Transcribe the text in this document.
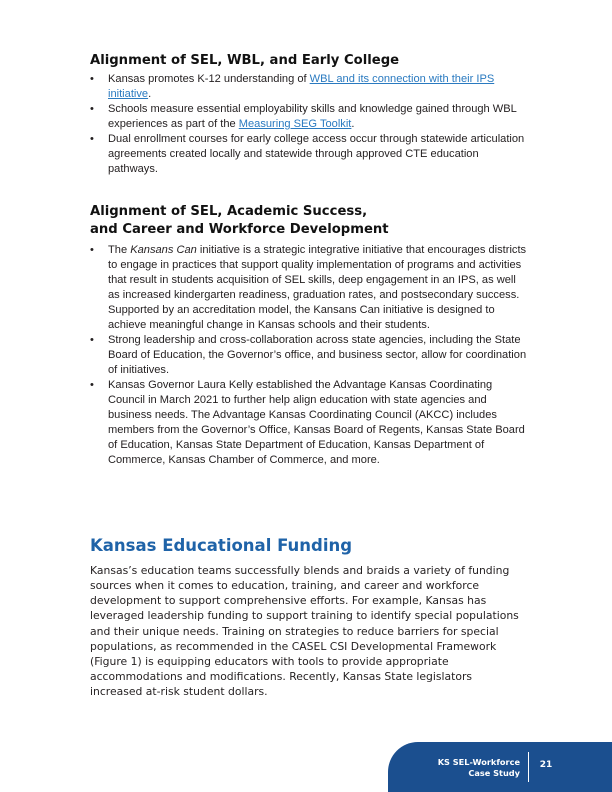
Alignment of SEL, WBL, and Early College
•	Kansas promotes K-12 understanding of WBL and its connection with their IPS initiative.
•	Schools measure essential employability skills and knowledge gained through WBL experiences as part of the Measuring SEG Toolkit.
•	Dual enrollment courses for early college access occur through statewide articulation agreements created locally and statewide through approved CTE education pathways.
Alignment of SEL, Academic Success,
and Career and Workforce Development
•	The Kansans Can initiative is a strategic integrative initiative that encourages districts to engage in practices that support quality implementation of programs and activities that result in students acquisition of SEL skills, deep engagement in an IPS, as well as increased kindergarten readiness, graduation rates, and postsecondary success. Supported by an accreditation model, the Kansans Can initiative is designed to achieve meaningful change in Kansas schools and their students.
•	Strong leadership and cross-collaboration across state agencies, including the State Board of Education, the Governor’s office, and business sector, allow for coordination of initiatives.
•	Kansas Governor Laura Kelly established the Advantage Kansas Coordinating Council in March 2021 to further help align education with state agencies and business needs. The Advantage Kansas Coordinating Council (AKCC) includes members from the Governor’s Office, Kansas Board of Regents, Kansas State Board of Education, Kansas State Department of Education, Kansas Department of Commerce, Kansas Chamber of Commerce, and more.
Kansas Educational Funding

Kansas’s education teams successfully blends and braids a variety of funding sources when it comes to education, training, and career and workforce development to support comprehensive efforts. For example, Kansas has leveraged leadership funding to support training to identify special populations and their unique needs. Training on strategies to reduce barriers for special populations, as recommended in the CASEL CSI Developmental Framework (Figure 1) is equipping educators with tools to provide appropriate accommodations and modifications. Recently, Kansas State legislators increased at-risk student dollars.

KS SEL-Workforce
Case Study
21
